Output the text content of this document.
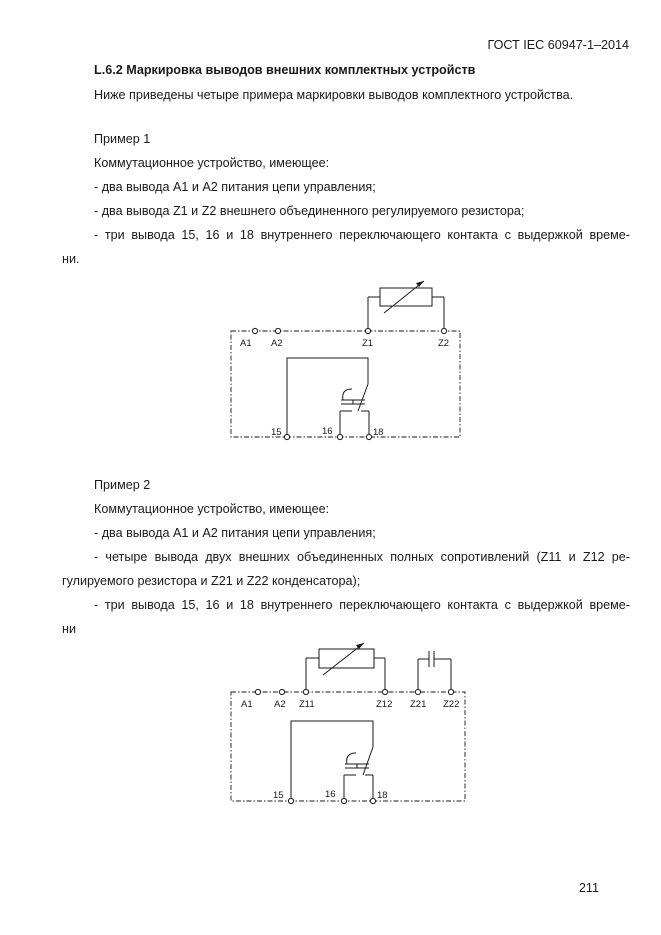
ГОСТ IEC 60947-1–2014
L.6.2 Маркировка выводов внешних комплектных устройств
Ниже приведены четыре примера маркировки выводов комплектного устройства.
Пример 1
Коммутационное устройство, имеющее:
- два вывода А1 и А2 питания цепи управления;
- два вывода Z1 и Z2 внешнего объединенного регулируемого резистора;
- три вывода 15, 16 и 18 внутреннего переключающего контакта с выдержкой време-
ни.
Пример 2
Коммутационное устройство, имеющее:
- два вывода А1 и А2 питания цепи управления;
- четыре вывода двух внешних объединенных полных сопротивлений (Z11 и Z12 ре-
гулируемого резистора и Z21 и Z22 конденсатора);
- три вывода 15, 16 и 18 внутреннего переключающего контакта с выдержкой време-
ни
211
A1 A2	Z1	Z2
15	16	18
A1 A2 Z11	Z12 Z21 Z22
15	16	18
